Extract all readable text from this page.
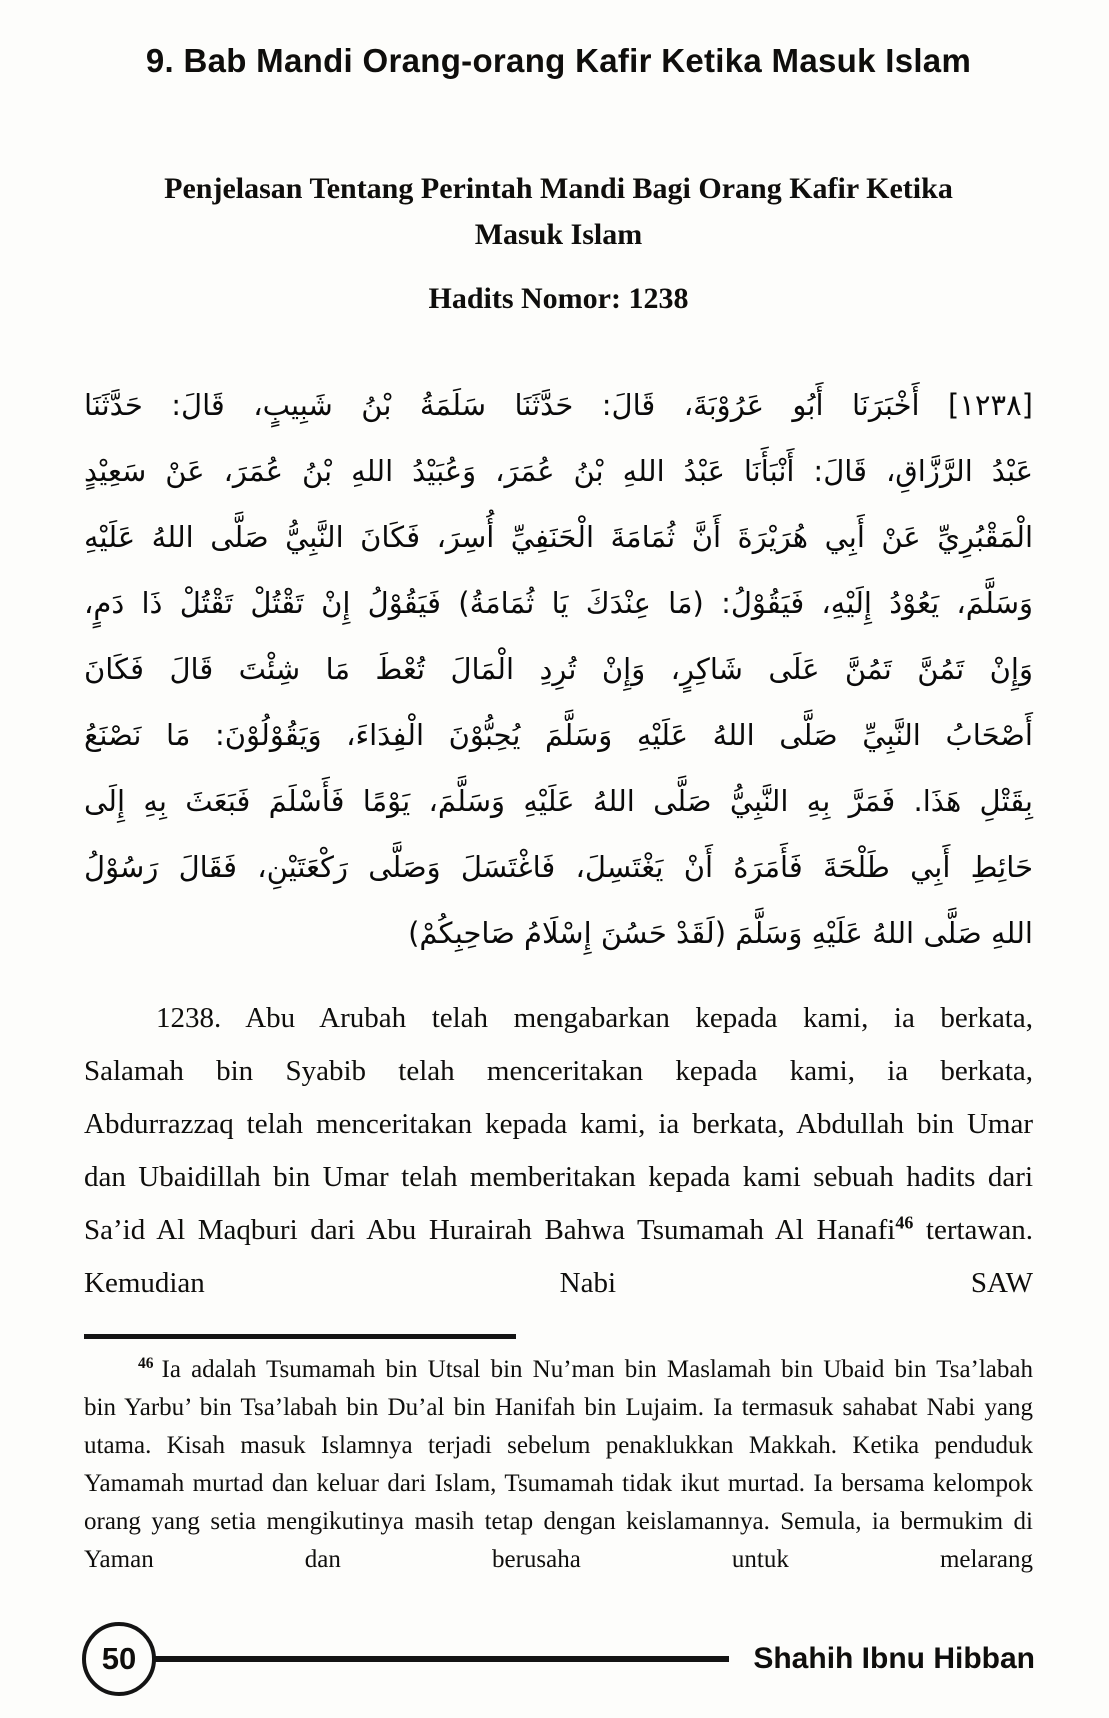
9. Bab Mandi Orang-orang Kafir Ketika Masuk Islam
Penjelasan Tentang Perintah Mandi Bagi Orang Kafir Ketika
Masuk Islam
Hadits Nomor: 1238
[١٢٣٨] أَخْبَرَنَا أَبُو عَرُوْبَةَ، قَالَ: حَدَّثَنَا سَلَمَةُ بْنُ شَبِيبٍ، قَالَ: حَدَّثَنَا
عَبْدُ الرَّزَّاقِ، قَالَ: أَنْبَأَنَا عَبْدُ اللهِ بْنُ عُمَرَ، وَعُبَيْدُ اللهِ بْنُ عُمَرَ، عَنْ سَعِيْدٍ
الْمَقْبُرِيِّ عَنْ أَبِي هُرَيْرَةَ أَنَّ ثُمَامَةَ الْحَنَفِيِّ أُسِرَ، فَكَانَ النَّبِيُّ صَلَّى اللهُ عَلَيْهِ
وَسَلَّمَ، يَعُوْدُ إِلَيْهِ، فَيَقُوْلُ: (مَا عِنْدَكَ يَا ثُمَامَةُ) فَيَقُوْلُ إِنْ تَقْتُلْ تَقْتُلْ ذَا دَمٍ،
وَإِنْ تَمُنَّ تَمُنَّ عَلَى شَاكِرٍ، وَإِنْ تُرِدِ الْمَالَ تُعْطَ مَا شِئْتَ قَالَ فَكَانَ
أَصْحَابُ النَّبِيِّ صَلَّى اللهُ عَلَيْهِ وَسَلَّمَ يُحِبُّوْنَ الْفِدَاءَ، وَيَقُوْلُوْنَ: مَا نَصْنَعُ
بِقَتْلِ هَذَا. فَمَرَّ بِهِ النَّبِيُّ صَلَّى اللهُ عَلَيْهِ وَسَلَّمَ، يَوْمًا فَأَسْلَمَ فَبَعَثَ بِهِ إِلَى
حَائِطِ أَبِي طَلْحَةَ فَأَمَرَهُ أَنْ يَغْتَسِلَ، فَاغْتَسَلَ وَصَلَّى رَكْعَتَيْنِ، فَقَالَ رَسُوْلُ
اللهِ صَلَّى اللهُ عَلَيْهِ وَسَلَّمَ (لَقَدْ حَسُنَ إِسْلَامُ صَاحِبِكُمْ)
1238. Abu Arubah telah mengabarkan kepada kami, ia berkata, Salamah bin Syabib telah menceritakan kepada kami, ia berkata, Abdurrazzaq telah menceritakan kepada kami, ia berkata, Abdullah bin Umar dan Ubaidillah bin Umar telah memberitakan kepada kami sebuah hadits dari Sa’id Al Maqburi dari Abu Hurairah Bahwa Tsumamah Al Hanafi$^{46}$ tertawan. Kemudian Nabi SAW
$^{46}$ Ia adalah Tsumamah bin Utsal bin Nu’man bin Maslamah bin Ubaid bin Tsa’labah bin Yarbu’ bin Tsa’labah bin Du’al bin Hanifah bin Lujaim. Ia termasuk sahabat Nabi yang utama. Kisah masuk Islamnya terjadi sebelum penaklukkan Makkah. Ketika penduduk Yamamah murtad dan keluar dari Islam, Tsumamah tidak ikut murtad. Ia bersama kelompok orang yang setia mengikutinya masih tetap dengan keislamannya. Semula, ia bermukim di Yaman dan berusaha untuk melarang
50	Shahih Ibnu Hibban
